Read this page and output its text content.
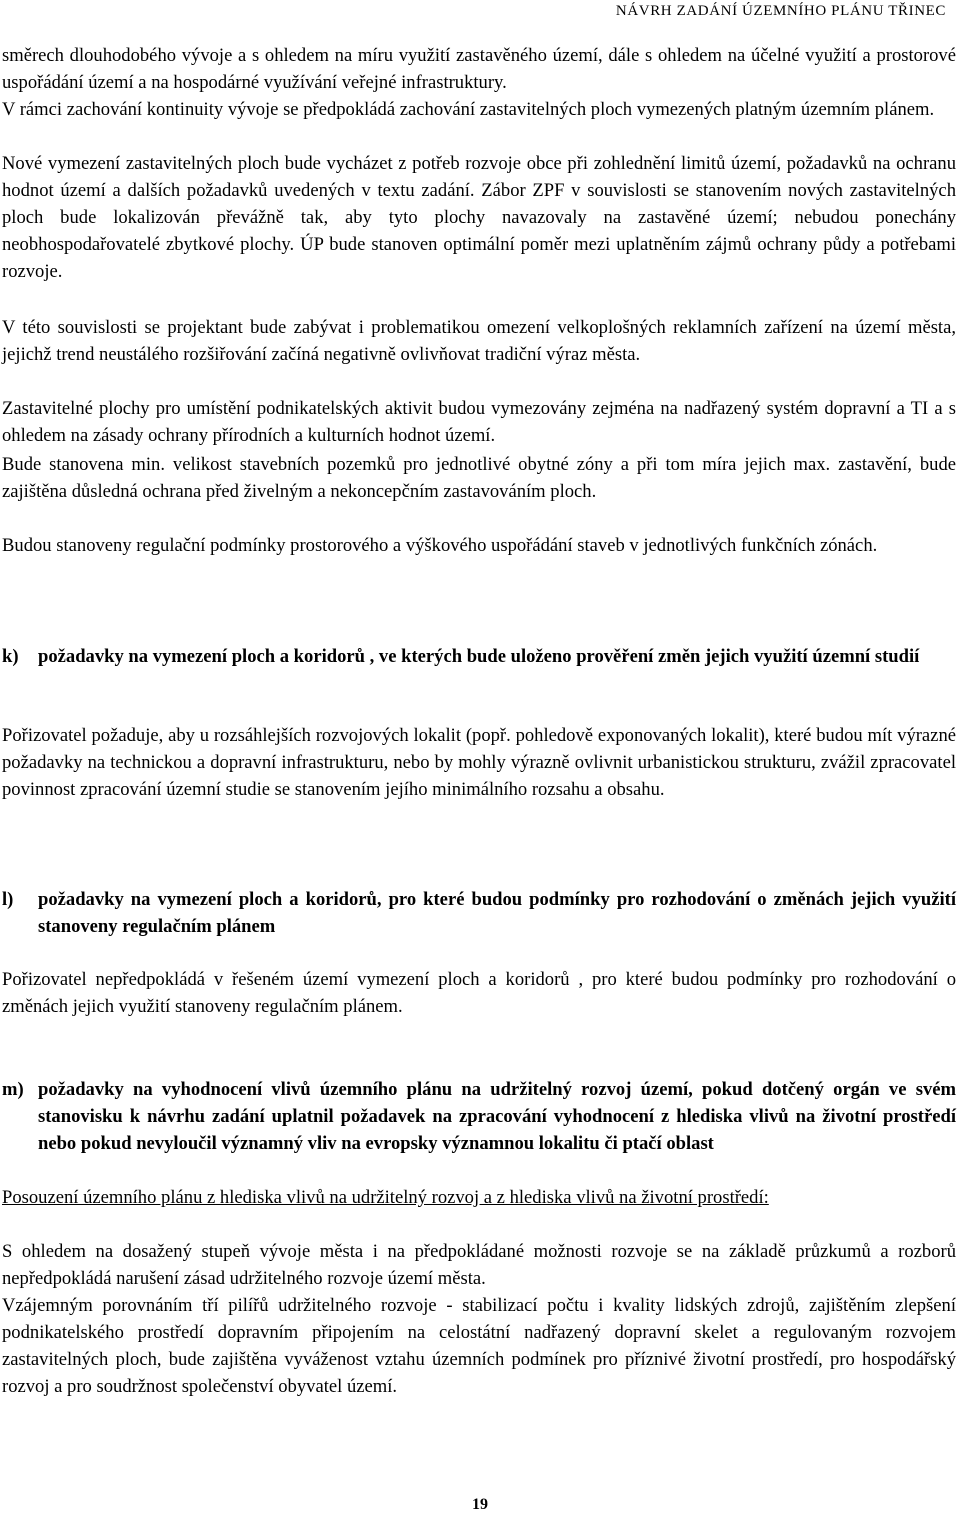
NÁVRH ZADÁNÍ ÚZEMNÍHO PLÁNU TŘINEC

směrech dlouhodobého vývoje a s ohledem na míru využití zastavěného území, dále s ohledem na účelné využití a prostorové uspořádání území a na hospodárné využívání veřejné infrastruktury.

V rámci zachování kontinuity vývoje se předpokládá zachování zastavitelných ploch vymezených platným územním plánem.

Nové vymezení zastavitelných ploch bude vycházet z potřeb rozvoje obce při zohlednění limitů území, požadavků na ochranu hodnot území a dalších požadavků uvedených v textu zadání. Zábor ZPF v souvislosti se stanovením nových zastavitelných ploch bude lokalizován převážně tak, aby tyto plochy navazovaly na zastavěné území; nebudou ponechány neobhospodařovatelé zbytkové plochy. ÚP bude stanoven optimální poměr mezi uplatněním zájmů ochrany půdy a potřebami rozvoje.

V této souvislosti se projektant bude zabývat i problematikou omezení velkoplošných reklamních zařízení na území města, jejichž trend neustálého rozšiřování začíná negativně ovlivňovat tradiční výraz města.

Zastavitelné plochy pro umístění podnikatelských aktivit budou vymezovány zejména na nadřazený systém dopravní a TI a s ohledem na zásady ochrany přírodních a kulturních hodnot území.

Bude stanovena min. velikost stavebních pozemků pro jednotlivé obytné zóny a při tom míra jejich max. zastavění, bude zajištěna důsledná ochrana před živelným a nekoncepčním zastavováním ploch.

Budou stanoveny regulační podmínky prostorového a výškového uspořádání staveb v jednotlivých funkčních zónách.

k) požadavky na vymezení ploch a koridorů , ve kterých bude uloženo prověření změn jejich využití územní studií

Pořizovatel požaduje, aby u rozsáhlejších rozvojových lokalit (popř. pohledově exponovaných lokalit), které budou mít výrazné požadavky na technickou a dopravní infrastrukturu, nebo by mohly výrazně ovlivnit urbanistickou strukturu, zvážil zpracovatel povinnost zpracování územní studie se stanovením jejího minimálního rozsahu a obsahu.

l) požadavky na vymezení ploch a koridorů, pro které budou podmínky pro rozhodování o změnách jejich využití stanoveny regulačním plánem

Pořizovatel nepředpokládá v řešeném území vymezení ploch a koridorů , pro které budou podmínky pro rozhodování o změnách jejich využití stanoveny regulačním plánem.

m) požadavky na vyhodnocení vlivů územního plánu na udržitelný rozvoj území, pokud dotčený orgán ve svém stanovisku k návrhu zadání uplatnil požadavek na zpracování vyhodnocení z hlediska vlivů na životní prostředí nebo pokud nevyloučil významný vliv na evropsky významnou lokalitu či ptačí oblast

Posouzení územního plánu z hlediska vlivů na udržitelný rozvoj a z hlediska vlivů na životní prostředí:

S ohledem na dosažený stupeň vývoje města i na předpokládané možnosti rozvoje se na základě průzkumů a rozborů nepředpokládá narušení zásad udržitelného rozvoje území města.

Vzájemným porovnáním tří pilířů udržitelného rozvoje - stabilizací počtu i kvality lidských zdrojů, zajištěním zlepšení podnikatelského prostředí dopravním připojením na celostátní nadřazený dopravní skelet a regulovaným rozvojem zastavitelných ploch, bude zajištěna vyváženost vztahu územních podmínek pro příznivé životní prostředí, pro hospodářský rozvoj a pro soudržnost společenství obyvatel území.

19
